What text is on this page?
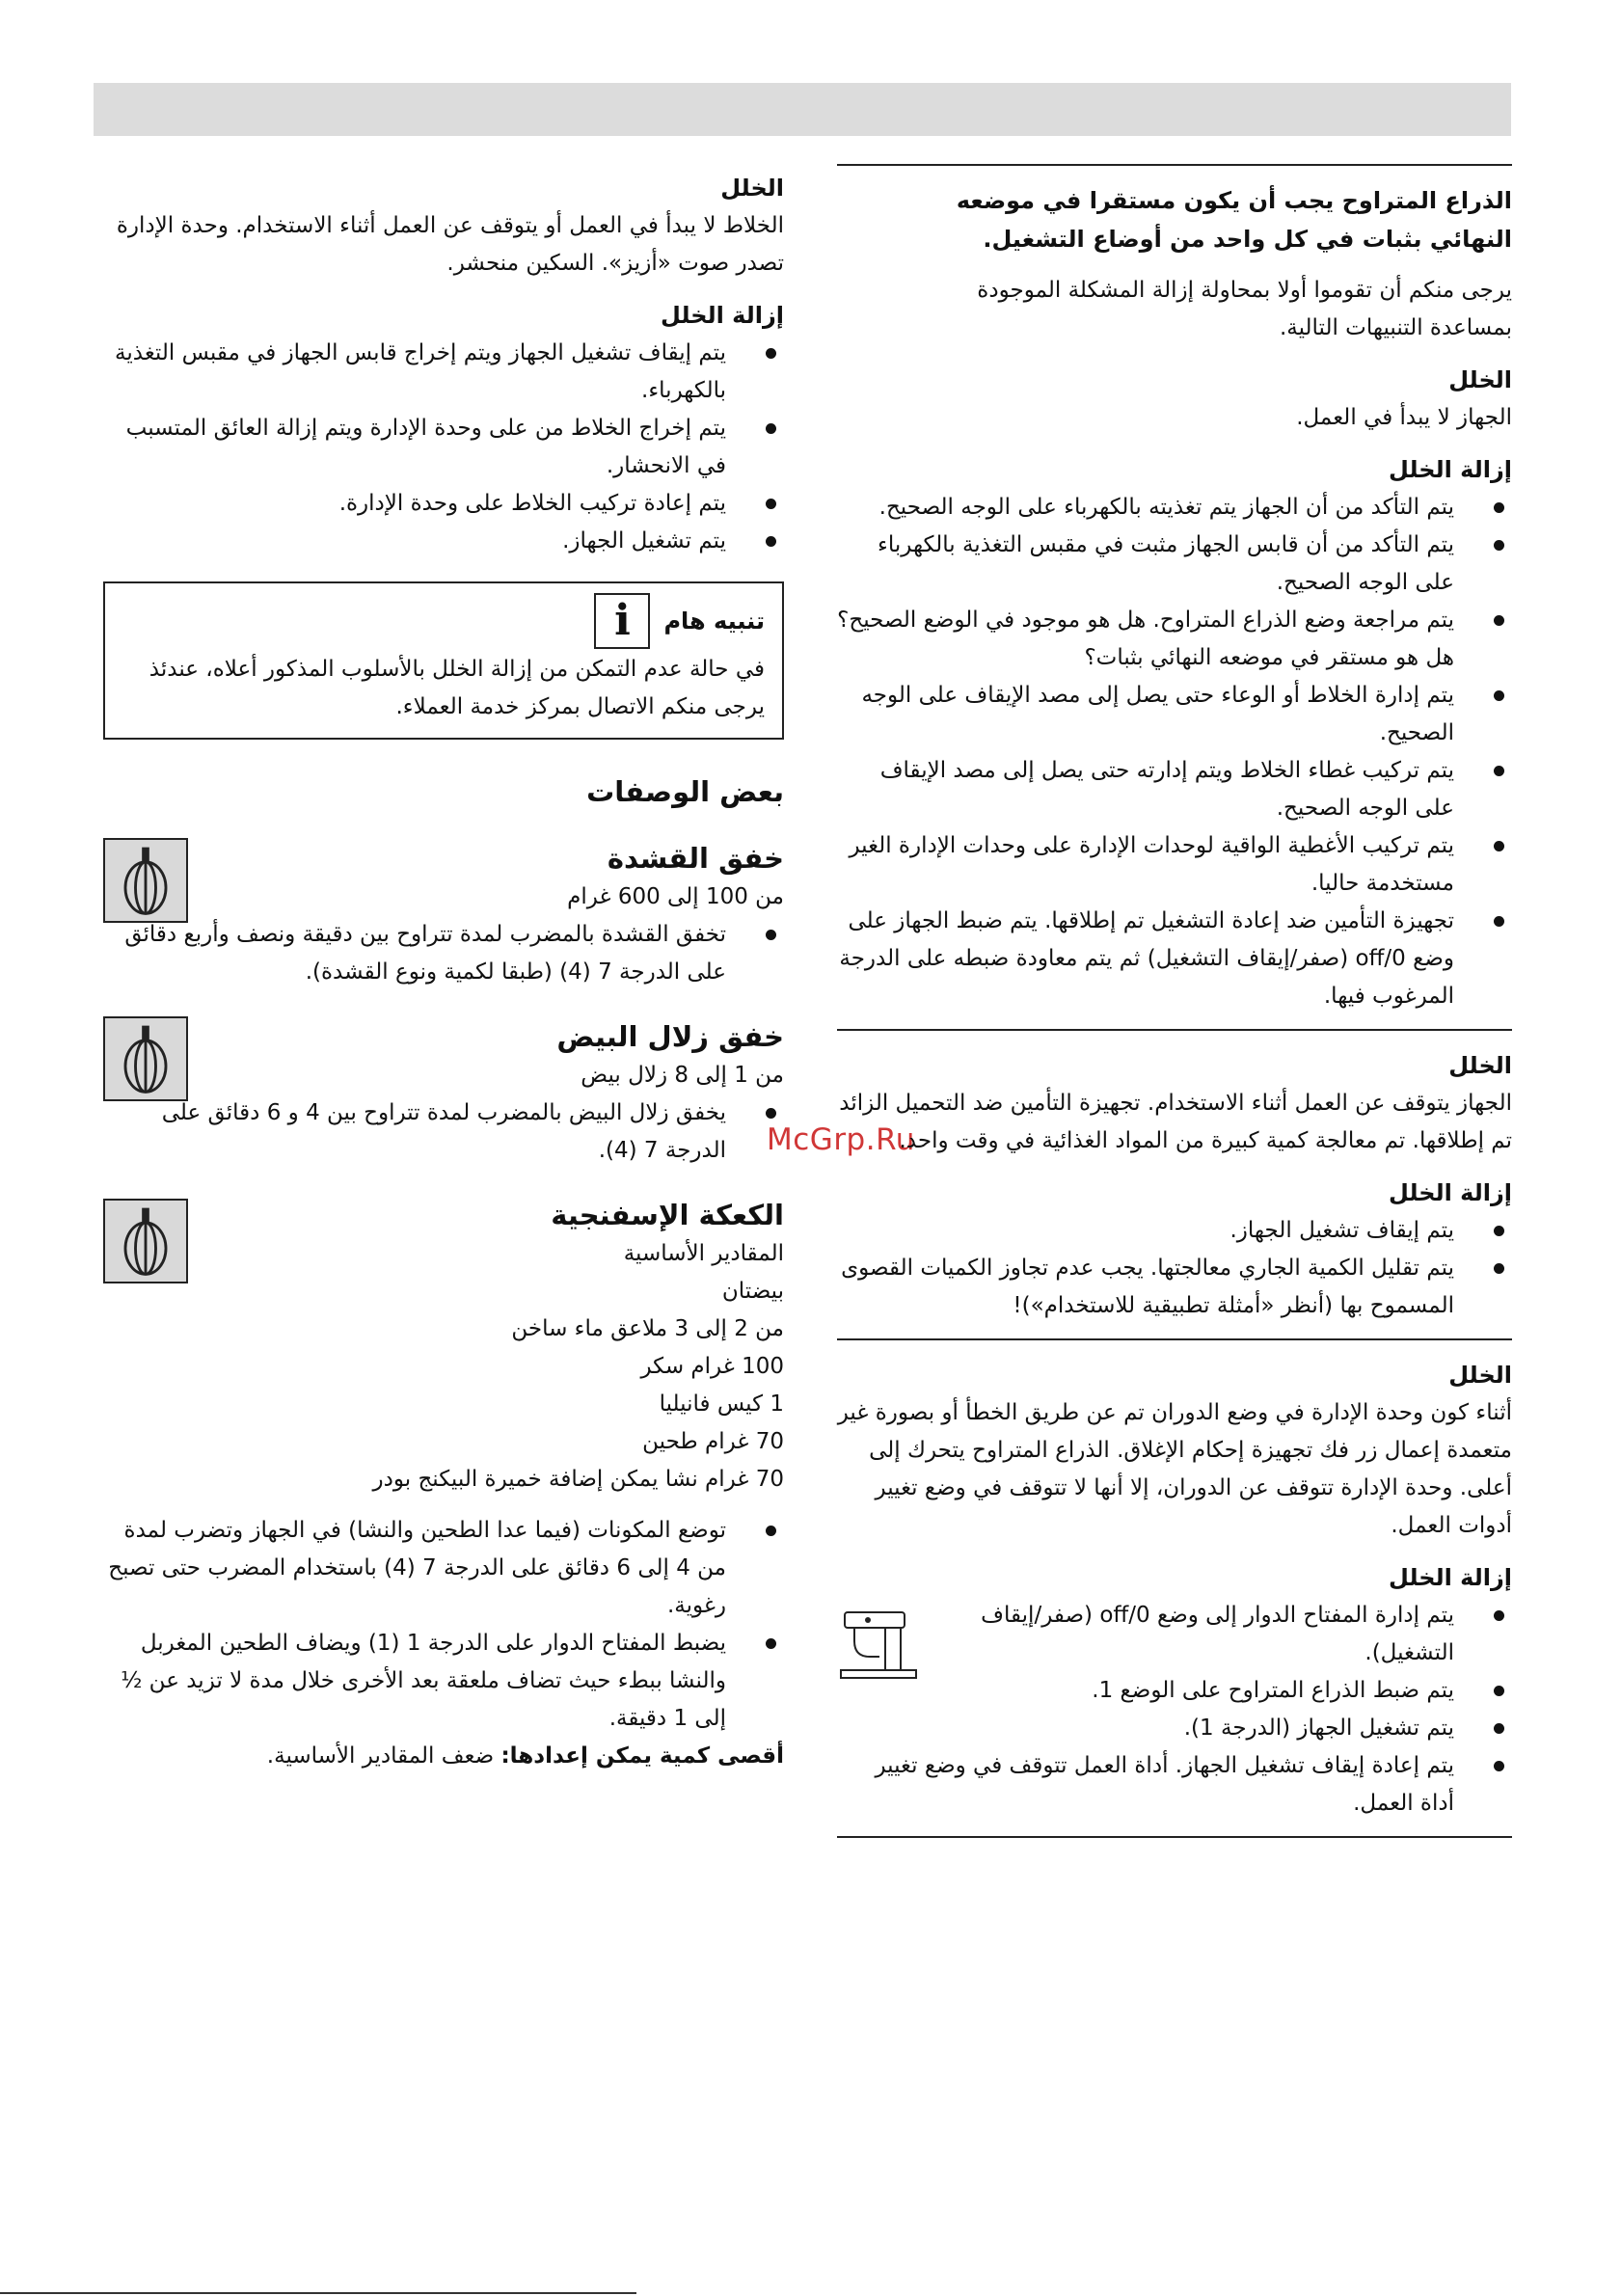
McGrp.Ru

الذراع المتراوح يجب أن يكون مستقرا في موضعه
النهائي بثبات في كل واحد من أوضاع التشغيل.

يرجى منكم أن تقوموا أولا بمحاولة إزالة المشكلة الموجودة
بمساعدة التنبيهات التالية.

الخلل

الجهاز لا يبدأ في العمل.

إزالة الخلل

يتم التأكد من أن الجهاز يتم تغذيته بالكهرباء على الوجه الصحيح.
يتم التأكد من أن قابس الجهاز مثبت في مقبس التغذية بالكهرباء على الوجه الصحيح.
يتم مراجعة وضع الذراع المتراوح. هل هو موجود في الوضع الصحيح؟ هل هو مستقر في موضعه النهائي بثبات؟
يتم إدارة الخلاط أو الوعاء حتى يصل إلى مصد الإيقاف على الوجه الصحيح.
يتم تركيب غطاء الخلاط ويتم إدارته حتى يصل إلى مصد الإيقاف على الوجه الصحيح.
يتم تركيب الأغطية الواقية لوحدات الإدارة على وحدات الإدارة الغير مستخدمة حاليا.
تجهيزة التأمين ضد إعادة التشغيل تم إطلاقها. يتم ضبط الجهاز على وضع off/0 (صفر/إيقاف التشغيل) ثم يتم معاودة ضبطه على الدرجة المرغوب فيها.

الخلل

الجهاز يتوقف عن العمل أثناء الاستخدام. تجهيزة التأمين ضد التحميل الزائد تم إطلاقها. تم معالجة كمية كبيرة من المواد الغذائية في وقت واحد.

إزالة الخلل

يتم إيقاف تشغيل الجهاز.
يتم تقليل الكمية الجاري معالجتها. يجب عدم تجاوز الكميات القصوى المسموح بها (أنظر «أمثلة تطبيقية للاستخدام»)!

الخلل

أثناء كون وحدة الإدارة في وضع الدوران تم عن طريق الخطأ أو بصورة غير متعمدة إعمال زر فك تجهيزة إحكام الإغلاق. الذراع المتراوح يتحرك إلى أعلى. وحدة الإدارة تتوقف عن الدوران، إلا أنها لا تتوقف في وضع تغيير أدوات العمل.

إزالة الخلل

يتم إدارة المفتاح الدوار إلى وضع off/0 (صفر/إيقاف التشغيل).
يتم ضبط الذراع المتراوح على الوضع 1.
يتم تشغيل الجهاز (الدرجة 1).
يتم إعادة إيقاف تشغيل الجهاز. أداة العمل تتوقف في وضع تغيير أداة العمل.

الخلل

الخلاط لا يبدأ في العمل أو يتوقف عن العمل أثناء الاستخدام. وحدة الإدارة تصدر صوت «أزيز». السكين منحشر.

إزالة الخلل

يتم إيقاف تشغيل الجهاز ويتم إخراج قابس الجهاز في مقبس التغذية بالكهرباء.
يتم إخراج الخلاط من على وحدة الإدارة ويتم إزالة العائق المتسبب في الانحشار.
يتم إعادة تركيب الخلاط على وحدة الإدارة.
يتم تشغيل الجهاز.
تنبيه هام
i

في حالة عدم التمكن من إزالة الخلل بالأسلوب المذكور أعلاه، عندئذ يرجى منكم الاتصال بمركز خدمة العملاء.

بعض الوصفات

خفق القشدة

من 100 إلى 600 غرام

تخفق القشدة بالمضرب لمدة تتراوح بين دقيقة ونصف وأربع دقائق على الدرجة 7 (4) (طبقا لكمية ونوع القشدة).

خفق زلال البيض

من 1 إلى 8 زلال بيض

يخفق زلال البيض بالمضرب لمدة تتراوح بين 4 و 6 دقائق على الدرجة 7 (4).

الكعكة الإسفنجية

المقادير الأساسية

بيضتان

من 2 إلى 3 ملاعق ماء ساخن

100 غرام سكر

1 كيس فانيليا

70 غرام طحين

70 غرام نشا يمكن إضافة خميرة البيكنج بودر

توضع المكونات (فيما عدا الطحين والنشا) في الجهاز وتضرب لمدة من 4 إلى 6 دقائق على الدرجة 7 (4) باستخدام المضرب حتى تصبح رغوية.
يضبط المفتاح الدوار على الدرجة 1 (1) ويضاف الطحين المغربل والنشا ببطء حيث تضاف ملعقة بعد الأخرى خلال مدة لا تزيد عن ½ إلى 1 دقيقة.

أقصى كمية يمكن إعدادها: ضعف المقادير الأساسية.
